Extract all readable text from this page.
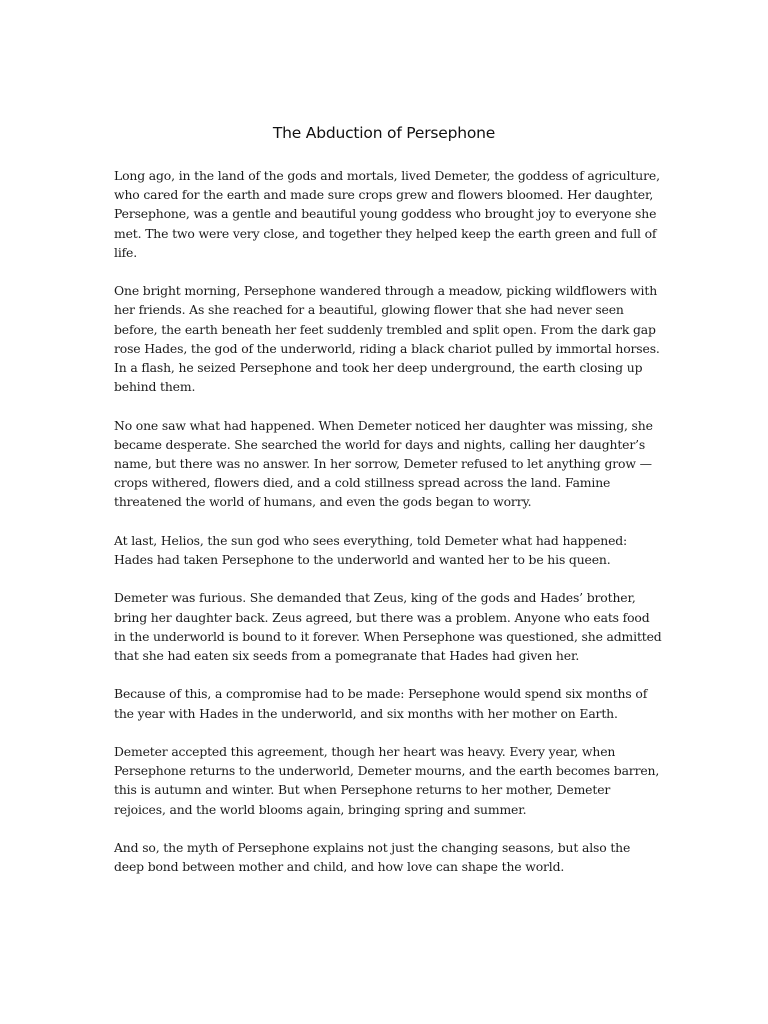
The Abduction of Persephone

Long ago, in the land of the gods and mortals, lived Demeter, the goddess of agriculture, who cared for the earth and made sure crops grew and flowers bloomed. Her daughter, Persephone, was a gentle and beautiful young goddess who brought joy to everyone she met. The two were very close, and together they helped keep the earth green and full of life.

One bright morning, Persephone wandered through a meadow, picking wildflowers with her friends. As she reached for a beautiful, glowing flower that she had never seen before, the earth beneath her feet suddenly trembled and split open. From the dark gap rose Hades, the god of the underworld, riding a black chariot pulled by immortal horses. In a flash, he seized Persephone and took her deep underground, the earth closing up behind them.

No one saw what had happened. When Demeter noticed her daughter was missing, she became desperate. She searched the world for days and nights, calling her daughter’s name, but there was no answer. In her sorrow, Demeter refused to let anything grow — crops withered, flowers died, and a cold stillness spread across the land. Famine threatened the world of humans, and even the gods began to worry.

At last, Helios, the sun god who sees everything, told Demeter what had happened: Hades had taken Persephone to the underworld and wanted her to be his queen.

Demeter was furious. She demanded that Zeus, king of the gods and Hades’ brother, bring her daughter back. Zeus agreed, but there was a problem. Anyone who eats food in the underworld is bound to it forever. When Persephone was questioned, she admitted that she had eaten six seeds from a pomegranate that Hades had given her.

Because of this, a compromise had to be made: Persephone would spend six months of the year with Hades in the underworld, and six months with her mother on Earth.

Demeter accepted this agreement, though her heart was heavy. Every year, when Persephone returns to the underworld, Demeter mourns, and the earth becomes barren, this is autumn and winter. But when Persephone returns to her mother, Demeter rejoices, and the world blooms again, bringing spring and summer.

And so, the myth of Persephone explains not just the changing seasons, but also the deep bond between mother and child, and how love can shape the world.
